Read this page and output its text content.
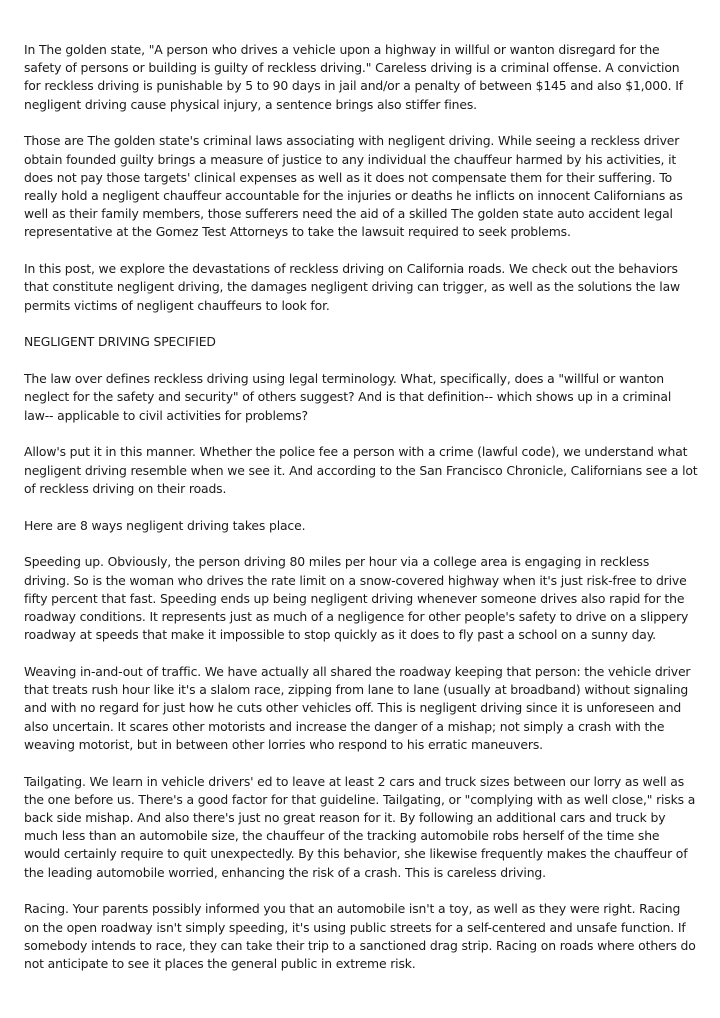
In The golden state, "A person who drives a vehicle upon a highway in willful or wanton disregard for the safety of persons or building is guilty of reckless driving." Careless driving is a criminal offense. A conviction for reckless driving is punishable by 5 to 90 days in jail and/or a penalty of between $145 and also $1,000. If negligent driving cause physical injury, a sentence brings also stiffer fines.

Those are The golden state's criminal laws associating with negligent driving. While seeing a reckless driver obtain founded guilty brings a measure of justice to any individual the chauffeur harmed by his activities, it does not pay those targets' clinical expenses as well as it does not compensate them for their suffering. To really hold a negligent chauffeur accountable for the injuries or deaths he inflicts on innocent Californians as well as their family members, those sufferers need the aid of a skilled The golden state auto accident legal representative at the Gomez Test Attorneys to take the lawsuit required to seek problems.

In this post, we explore the devastations of reckless driving on California roads. We check out the behaviors that constitute negligent driving, the damages negligent driving can trigger, as well as the solutions the law permits victims of negligent chauffeurs to look for.

NEGLIGENT DRIVING SPECIFIED

The law over defines reckless driving using legal terminology. What, specifically, does a "willful or wanton neglect for the safety and security" of others suggest? And is that definition-- which shows up in a criminal law-- applicable to civil activities for problems?

Allow's put it in this manner. Whether the police fee a person with a crime (lawful code), we understand what negligent driving resemble when we see it. And according to the San Francisco Chronicle, Californians see a lot of reckless driving on their roads.

Here are 8 ways negligent driving takes place.

Speeding up. Obviously, the person driving 80 miles per hour via a college area is engaging in reckless driving. So is the woman who drives the rate limit on a snow-covered highway when it's just risk-free to drive fifty percent that fast. Speeding ends up being negligent driving whenever someone drives also rapid for the roadway conditions. It represents just as much of a negligence for other people's safety to drive on a slippery roadway at speeds that make it impossible to stop quickly as it does to fly past a school on a sunny day.

Weaving in-and-out of traffic. We have actually all shared the roadway keeping that person: the vehicle driver that treats rush hour like it's a slalom race, zipping from lane to lane (usually at broadband) without signaling and with no regard for just how he cuts other vehicles off. This is negligent driving since it is unforeseen and also uncertain. It scares other motorists and increase the danger of a mishap; not simply a crash with the weaving motorist, but in between other lorries who respond to his erratic maneuvers.

Tailgating. We learn in vehicle drivers' ed to leave at least 2 cars and truck sizes between our lorry as well as the one before us. There's a good factor for that guideline. Tailgating, or "complying with as well close," risks a back side mishap. And also there's just no great reason for it. By following an additional cars and truck by much less than an automobile size, the chauffeur of the tracking automobile robs herself of the time she would certainly require to quit unexpectedly. By this behavior, she likewise frequently makes the chauffeur of the leading automobile worried, enhancing the risk of a crash. This is careless driving.

Racing. Your parents possibly informed you that an automobile isn't a toy, as well as they were right. Racing on the open roadway isn't simply speeding, it's using public streets for a self-centered and unsafe function. If somebody intends to race, they can take their trip to a sanctioned drag strip. Racing on roads where others do not anticipate to see it places the general public in extreme risk.
